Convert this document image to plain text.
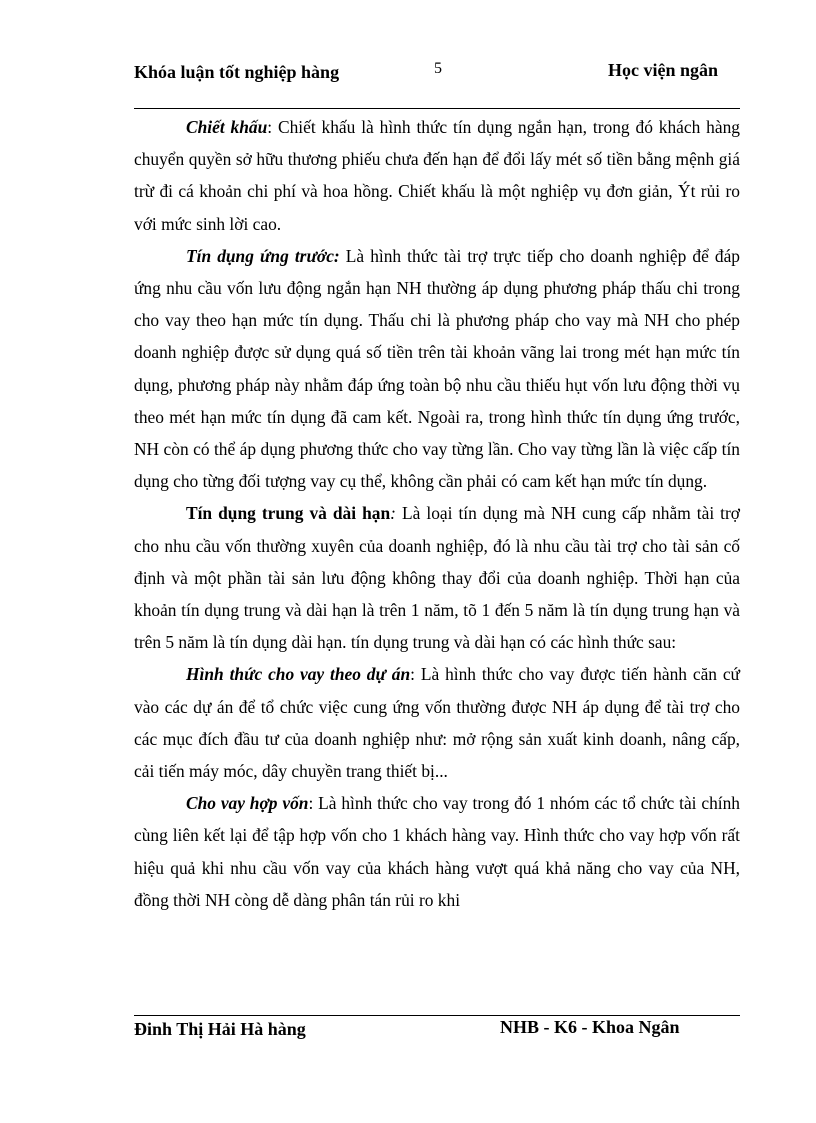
Khóa luận tốt nghiệp hàng	5	Học viện ngân

Chiết khấu: Chiết khấu là hình thức tín dụng ngắn hạn, trong đó khách hàng chuyển quyền sở hữu thương phiếu chưa đến hạn để đổi lấy mét số tiền bằng mệnh giá trừ đi cá khoản chi phí và hoa hồng. Chiết khấu là một nghiệp vụ đơn giản, Ýt rủi ro với mức sinh lời cao.

Tín dụng ứng trước: Là hình thức tài trợ trực tiếp cho doanh nghiệp để đáp ứng nhu cầu vốn lưu động ngắn hạn NH thường áp dụng phương pháp thấu chi trong cho vay theo hạn mức tín dụng. Thấu chi là phương pháp cho vay mà NH cho phép doanh nghiệp được sử dụng quá số tiền trên tài khoản vãng lai trong mét hạn mức tín dụng, phương pháp này nhằm đáp ứng toàn bộ nhu cầu thiếu hụt vốn lưu động thời vụ theo mét hạn mức tín dụng đã cam kết. Ngoài ra, trong hình thức tín dụng ứng trước, NH còn có thể áp dụng phương thức cho vay từng lần. Cho vay từng lần là việc cấp tín dụng cho từng đối tượng vay cụ thể, không cần phải có cam kết hạn mức tín dụng.

Tín dụng trung và dài hạn: Là loại tín dụng mà NH cung cấp nhằm tài trợ cho nhu cầu vốn thường xuyên của doanh nghiệp, đó là nhu cầu tài trợ cho tài sản cố định và một phần tài sản lưu động không thay đổi của doanh nghiệp. Thời hạn của khoản tín dụng trung và dài hạn là trên 1 năm, tõ 1 đến 5 năm là tín dụng trung hạn và trên 5 năm là tín dụng dài hạn. tín dụng trung và dài hạn có các hình thức sau:

Hình thức cho vay theo dự án: Là hình thức cho vay được tiến hành căn cứ vào các dự án để tổ chức việc cung ứng vốn thường được NH áp dụng để tài trợ cho các mục đích đầu tư của doanh nghiệp như: mở rộng sản xuất kinh doanh, nâng cấp, cải tiến máy móc, dây chuyền trang thiết bị...

Cho vay hợp vốn: Là hình thức cho vay trong đó 1 nhóm các tổ chức tài chính cùng liên kết lại để tập hợp vốn cho 1 khách hàng vay. Hình thức cho vay hợp vốn rất hiệu quả khi nhu cầu vốn vay của khách hàng vượt quá khả năng cho vay của NH, đồng thời NH còng dễ dàng phân tán rủi ro khi

Đinh Thị Hải Hà hàng	NHB - K6 - Khoa Ngân
